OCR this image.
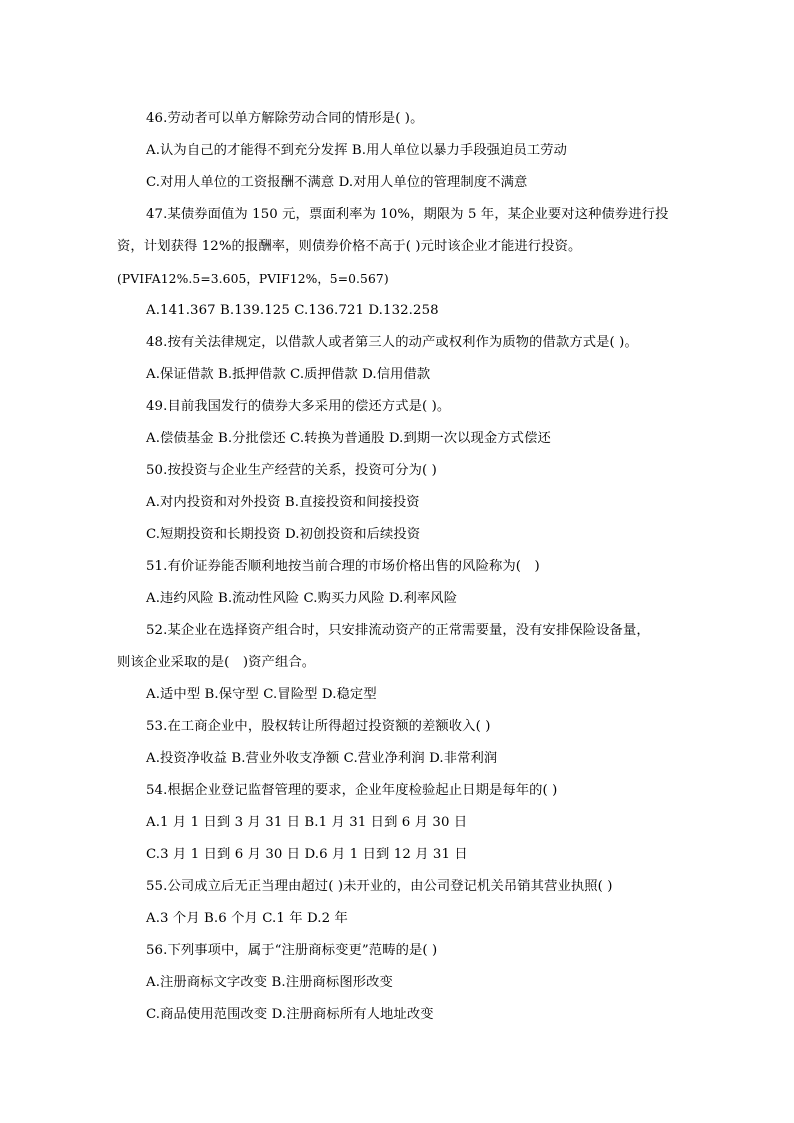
46.劳动者可以单方解除劳动合同的情形是( )。
A.认为自己的才能得不到充分发挥 B.用人单位以暴力手段强迫员工劳动
C.对用人单位的工资报酬不满意 D.对用人单位的管理制度不满意
47.某债券面值为 150 元，票面利率为 10%，期限为 5 年，某企业要对这种债券进行投
资，计划获得 12%的报酬率，则债券价格不高于( )元时该企业才能进行投资。
(PVIFA12%.5=3.605，PVIF12%，5=0.567)
A.141.367 B.139.125 C.136.721 D.132.258
48.按有关法律规定，以借款人或者第三人的动产或权利作为质物的借款方式是( )。
A.保证借款 B.抵押借款 C.质押借款 D.信用借款
49.目前我国发行的债券大多采用的偿还方式是( )。
A.偿债基金 B.分批偿还 C.转换为普通股 D.到期一次以现金方式偿还
50.按投资与企业生产经营的关系，投资可分为( )
A.对内投资和对外投资 B.直接投资和间接投资
C.短期投资和长期投资 D.初创投资和后续投资
51.有价证券能否顺利地按当前合理的市场价格出售的风险称为(　)
A.违约风险 B.流动性风险 C.购买力风险 D.利率风险
52.某企业在选择资产组合时，只安排流动资产的正常需要量，没有安排保险设备量，
则该企业采取的是(　)资产组合。
A.适中型 B.保守型 C.冒险型 D.稳定型
53.在工商企业中，股权转让所得超过投资额的差额收入( )
A.投资净收益 B.营业外收支净额 C.营业净利润 D.非常利润
54.根据企业登记监督管理的要求，企业年度检验起止日期是每年的( )
A.1 月 1 日到 3 月 31 日 B.1 月 31 日到 6 月 30 日
C.3 月 1 日到 6 月 30 日 D.6 月 1 日到 12 月 31 日
55.公司成立后无正当理由超过( )未开业的，由公司登记机关吊销其营业执照( )
A.3 个月 B.6 个月 C.1 年 D.2 年
56.下列事项中，属于“注册商标变更”范畴的是( )
A.注册商标文字改变 B.注册商标图形改变
C.商品使用范围改变 D.注册商标所有人地址改变
